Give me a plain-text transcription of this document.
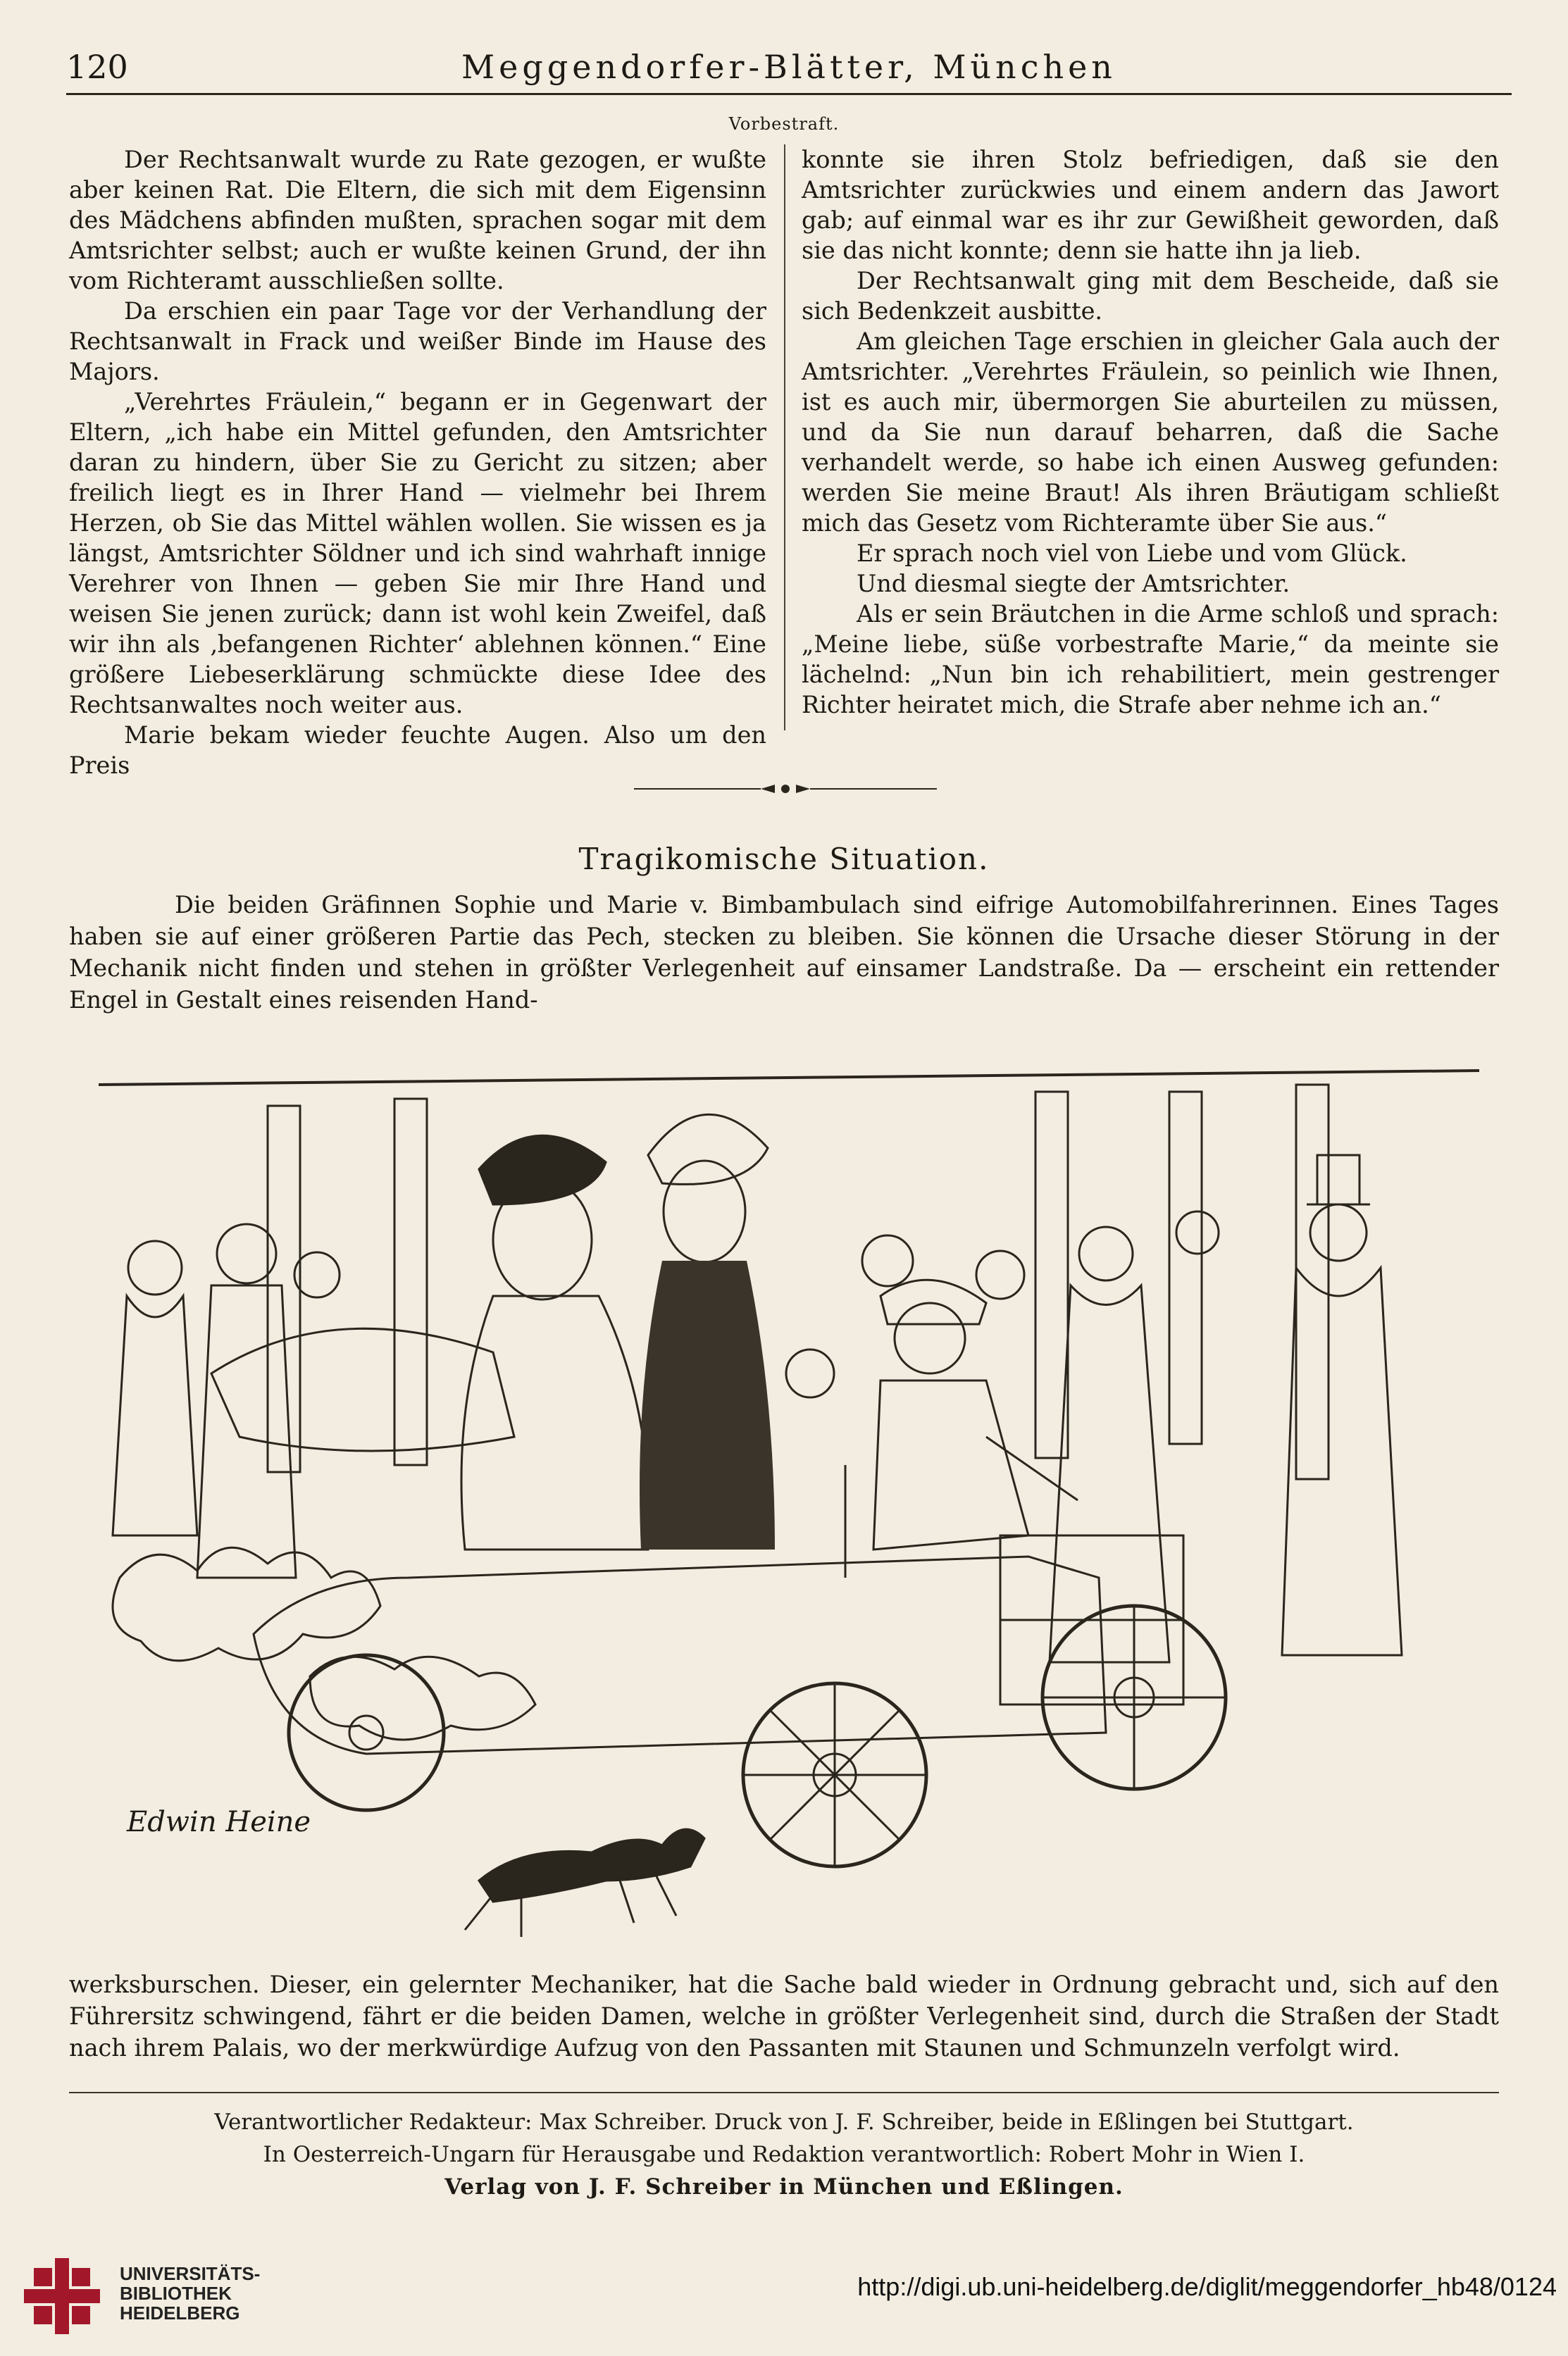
120	Meggendorfer-Blätter, München
Vorbestraft.

Der Rechtsanwalt wurde zu Rate gezogen, er wußte aber keinen Rat. Die Eltern, die sich mit dem Eigensinn des Mädchens abfinden mußten, sprachen sogar mit dem Amtsrichter selbst; auch er wußte keinen Grund, der ihn vom Richteramt ausschließen sollte.

Da erschien ein paar Tage vor der Verhandlung der Rechtsanwalt in Frack und weißer Binde im Hause des Majors.

„Verehrtes Fräulein,“ begann er in Gegenwart der Eltern, „ich habe ein Mittel gefunden, den Amtsrichter daran zu hindern, über Sie zu Gericht zu sitzen; aber freilich liegt es in Ihrer Hand — vielmehr bei Ihrem Herzen, ob Sie das Mittel wählen wollen. Sie wissen es ja längst, Amtsrichter Söldner und ich sind wahrhaft innige Verehrer von Ihnen — geben Sie mir Ihre Hand und weisen Sie jenen zurück; dann ist wohl kein Zweifel, daß wir ihn als ‚befangenen Richter‘ ablehnen können.“ Eine größere Liebeserklärung schmückte diese Idee des Rechtsanwaltes noch weiter aus.

Marie bekam wieder feuchte Augen. Also um den Preis

konnte sie ihren Stolz befriedigen, daß sie den Amtsrichter zurückwies und einem andern das Jawort gab; auf einmal war es ihr zur Gewißheit geworden, daß sie das nicht konnte; denn sie hatte ihn ja lieb.

Der Rechtsanwalt ging mit dem Bescheide, daß sie sich Bedenkzeit ausbitte.

Am gleichen Tage erschien in gleicher Gala auch der Amtsrichter. „Verehrtes Fräulein, so peinlich wie Ihnen, ist es auch mir, übermorgen Sie aburteilen zu müssen, und da Sie nun darauf beharren, daß die Sache verhandelt werde, so habe ich einen Ausweg gefunden: werden Sie meine Braut! Als ihren Bräutigam schließt mich das Gesetz vom Richteramte über Sie aus.“

Er sprach noch viel von Liebe und vom Glück.

Und diesmal siegte der Amtsrichter.

Als er sein Bräutchen in die Arme schloß und sprach: „Meine liebe, süße vorbestrafte Marie,“ da meinte sie lächelnd: „Nun bin ich rehabilitiert, mein gestrenger Richter heiratet mich, die Strafe aber nehme ich an.“

Tragikomische Situation.

Die beiden Gräfinnen Sophie und Marie v. Bimbambulach sind eifrige Automobilfahrerinnen. Eines Tages haben sie auf einer größeren Partie das Pech, stecken zu bleiben. Sie können die Ursache dieser Störung in der Mechanik nicht finden und stehen in größter Verlegenheit auf einsamer Landstraße. Da — erscheint ein rettender Engel in Gestalt eines reisenden Hand-

Edwin Heine

werksburschen. Dieser, ein gelernter Mechaniker, hat die Sache bald wieder in Ordnung gebracht und, sich auf den Führersitz schwingend, fährt er die beiden Damen, welche in größter Verlegenheit sind, durch die Straßen der Stadt nach ihrem Palais, wo der merkwürdige Aufzug von den Passanten mit Staunen und Schmunzeln verfolgt wird.

Verantwortlicher Redakteur: Max Schreiber. Druck von J. F. Schreiber, beide in Eßlingen bei Stuttgart.
In Oesterreich-Ungarn für Herausgabe und Redaktion verantwortlich: Robert Mohr in Wien I.
Verlag von J. F. Schreiber in München und Eßlingen.
UNIVERSITÄTS-
BIBLIOTHEK
HEIDELBERG
http://digi.ub.uni-heidelberg.de/diglit/meggendorfer_hb48/0124
